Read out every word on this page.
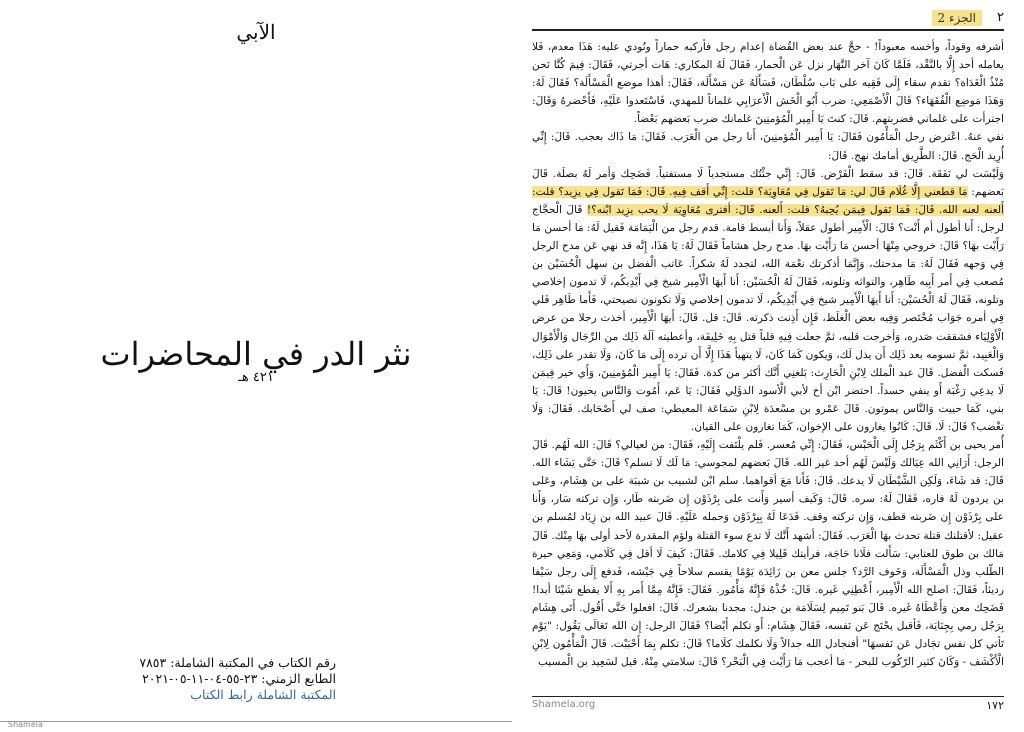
الآبي
نثر الدر في المحاضرات
٤٢١ هـ
رقم الكتاب في المكتبة الشاملة: ٧٨٥٣
الطابع الزمني: ٢٣-٥٥-٠٤-١١-٠٥-٢٠٢١
المكتبة الشاملة رابط الكتاب
Shamela
٢
الجزء 2

أشرفه وقوداً، وأخسه معبوداً! - حجَّ عند بعض القُضاة إعدام رجل فأركبه حماراً ونُودي عليه: هَذَا معدم، فَلا يعامله أحد إِلَّا بالنَّقْد، فَلَمَّا كَانَ آخر النَّهَار نزل عَن الْحمار، فَقَالَ لَهُ المكاري: هَات أجرتي، فَقَالَ: فِيمَ كُنَّا نَحن مُنْذُ الْغَدَاة؟ تقدم سقاء إِلَى فَقِيه على بَاب سُلْطَان، فَسَأَلَهُ عَن مَسْأَلَة، فَقَالَ: أهذا موضع الْمَسْأَلَة؟ فَقَالَ لَهُ: وَهَذَا مَوضِع الْفُقَهَاء؟ قَالَ الْأَصْمَعِي: ضرب أَبُو الْخَش الْأَعرَابِي غلماناً للمهدي، فَاسْتَعدوا عَلَيْهِ، فَأَحْضرهُ وَقَالَ: اجترأت على غلماني فضربتهم. قَالَ: كنتَ يَا أَمِير الْمُؤمنِينَ غلمانك ضرب بَعضهم بَعْضاً.

نفي عنهُ. اعْترض رجل الْمَأْمُون فَقَالَ: يَا أَمِير الْمُؤمنِينَ، أَنا رجل من الْعَرَب. فَقَالَ: مَا ذَاك بعجب. قَالَ: إِنِّي أُرِيد الْحَج. قَالَ: الطَّرِيق أمامك نهج. قَالَ:

وَلَيْسَت لي نَفَقَة. قَالَ: قد سقط الْفَرْض. قَالَ: إِنِّي جئْتُك مستجدياً لَا مستفتياً. فَضَحِك وَأمر لَهُ بصلَة. قَالَ بَعضهم: مَا قطعني إِلَّا غُلَام قَالَ لي: مَا تَقول فِي مُعَاوِيَة؟ قلت: إِنِّي أَقف فِيهِ. قَالَ: فَمَا تَقول فِي يزِيد؟ قلت: أَلعنه لعنه الله. قَالَ: فَمَا تَقول فِيمَن يُحِبهُ؟ قلت: أَلعنه. قَالَ: أفترى مُعَاوِيَة لَا يحب يزِيد ابْنه؟! قَالَ الْحجَّاج لرجل: أَنا أطول أم أَنْت؟ قَالَ: الْأَمِير أطول عقلاً، وَأَنا أبسط قامة. قدم رجل من الْيَمَامَة فَقيل لَهُ: مَا أحسن مَا رَأَيْت بهَا؟ قَالَ: خروجي مِنْهَا أحسن مَا رَأَيْت بهَا. مدح رجل هشاماً فَقَالَ لَهُ: يَا هَذَا، إِنَّه قد نهي عَن مدح الرجل فِي وَجهه فَقَالَ لَهُ: مَا مدحتك، وَإِنَّمَا أذكرتك نعْمَة الله، لتجدد لَهُ شكراً. عَاتب الْفضل بن سهل الْحُسَيْن بن مُصعب فِي أَمر أَبِيه طَاهِر، والتواثه وتلونه، فَقَالَ لَهُ الْحُسَيْن: أَنا أَيهَا الْأَمِير شيخ فِي أَيْدِيكُم، لَا تدمون إخلاصي وتلونه، فَقَالَ لَهُ الْحُسَيْن: أَنا أَيهَا الْأَمِير شيخ فِي أَيْدِيكُم، لَا تدمون إخلاصي وَلَا تكونون نصيحتي، فَأَما طَاهِر فَلي فِي أمره جَوَاب مُخْتَصر وَفِيه بعض الْغلَظ، فَإِن أَذِنت ذكرته. قَالَ: قل. قَالَ: أَيهَا الْأَمِير، أخذت رجلا من عرض الْأَوْلِيَاء فشققت صَدره، وَأخرجت قلبه، ثمَّ جعلت فِيهِ قلباً قتل بِهِ خَلِيفَة، وأعطيته آلَة ذَلِك من الرِّجَال وَالْأَمْوَال وَالْعَبِيد، ثمَّ تسومه بعد ذَلِك أَن يذل لَك، وَيكون كَمَا كَانَ، لَا يتهيأ هَذَا إِلَّا أَن ترده إِلَى مَا كَانَ، وَلَا تقدر على ذَلِك، فَسكت الْفضل. قَالَ عبد الْملك لِابْنِ الْحَارِث: بَلغنِي أَنَّك أكثر من كدة. فَقَالَ: يَا أَمِير الْمُؤمنِينَ، وَأَي خير فِيمَن لَا يدعِي رَغْبَة أَو ينفي حسداً. احتضر ابْن أخ لأبي الْأسود الدؤَلِي فَقَالَ: يَا عَم، أَمُوت وَالنَّاس يحيون! قَالَ: يَا بني، كَمَا حييت وَالنَّاس يموتون. قَالَ عَمْرو بن مسْعدَة لِابْنِ سَمَاعَة المعيطي: صف لي أَصْحَابك. فَقَالَ: وَلَا تغْضب؟ قَالَ: لَا. قَالَ: كَانُوا يغارون على الإخوان، كَمَا تغارون على القيان.

أُمر يحيى بن أَكْثَم بِرَجُل إِلَى الْحَبْس، فَقَالَ: إِنِّي مُعسر. فَلم يلْتَفت إِلَيْهِ، فَقَالَ: من لعيالي؟ قَالَ: الله لَهُم. قَالَ الرجل: أَرَانِي الله عِيَالك وَلَيْسَ لَهُم أحد غير الله. قَالَ بَعضهم لمجوسي: مَا لَك لَا تسلم؟ قَالَ: حَتَّى يَشَاء الله. قَالَ: قد شَاءَ، وَلَكِن الشَّيْطَان لَا يدعك. قَالَ: فَأَنا مَعَ أقواهما. سلم ابْن لشبيب بن شيبَة على بن هِشَام، وعَلى بن يردون لَهُ فاره، فَقَالَ لَهُ: سره. قَالَ: وَكَيف أسير وَأَنت على بِرْذَوْن إِن ضَربته طَار، وَإِن تركته سَار، وَأَنا على بِرْذَوْن إِن ضَربته قطف، وَإِن تركته وقف. فَدَعَا لَهُ بِبِرْذَوْن وَحمله عَلَيْهِ. قَالَ عبيد الله بن زِيَاد لمُسلم بن عقيل: لأقتلنك قتلة تحدث بهَا الْعَرَب. فَقَالَ: أشهد أَنَّك لَا تدع سوء القتلة ولؤم المقدرة لأحد أولى بهَا مِنْك. قَالَ مَالك بن طوق للعتابي: سَأَلت فلَانا حَاجَة، فرأيتك قَلِيلا فِي كلامك. فَقَالَ: كَيفَ لَا أقل فِي كَلَامي، وَمَعِي حيرة الطّلب وذل الْمَسْأَلَة، وَخَوف الرَّد؟ جلس معن بن زَائِدَة يَوْمًا يقسم سلاحاً فِي جَيْشه، فَدفع إِلَى رجل سَيْفا رديئاً، فَقَالَ: اصلح الله الْأَمِير، أَعْطِنِي غَيره. قَالَ: خُذْهُ فَإِنَّهُ مَأْمُور. فَقَالَ: فَإِنَّهُ مِمَّا أَمر بِهِ أَلا يقطع شَيْئا أبدا! فَضَحِك معن وَأَعْطَاهُ غَيره. قَالَ بَنو تَمِيم لِسَلَامَة بن جندل: مجدنا بشعرك. قَالَ: افعلوا حَتَّى أَقُول. أَتَى هِشَام بِرَجُل رمي بِجِنَايَة، فَأقبل يحْتَج عَن نَفسه، فَقَالَ هِشَام: أَو تكلم أَيْضا؟ فَقَالَ الرجل: إِن الله تَعَالَى يَقُول: "يَوْم تَأتي كل نفس تجَادل عَن نَفسهَا" أفنجادل الله جدالاً وَلَا نكلمك كلَاما؟ قَالَ: تكلم بِمَا أَحْبَبْت. قَالَ الْمَأْمُون لِابْنِ الْأَكْشَف - وَكَانَ كثير الرّكُوب للبحر - مَا أعجب مَا رَأَيْت فِي الْبَحْر؟ قَالَ: سلامتي مِنْهُ. قيل لسَعِيد بن الْمسيب

Shamela.org	١٧٢
